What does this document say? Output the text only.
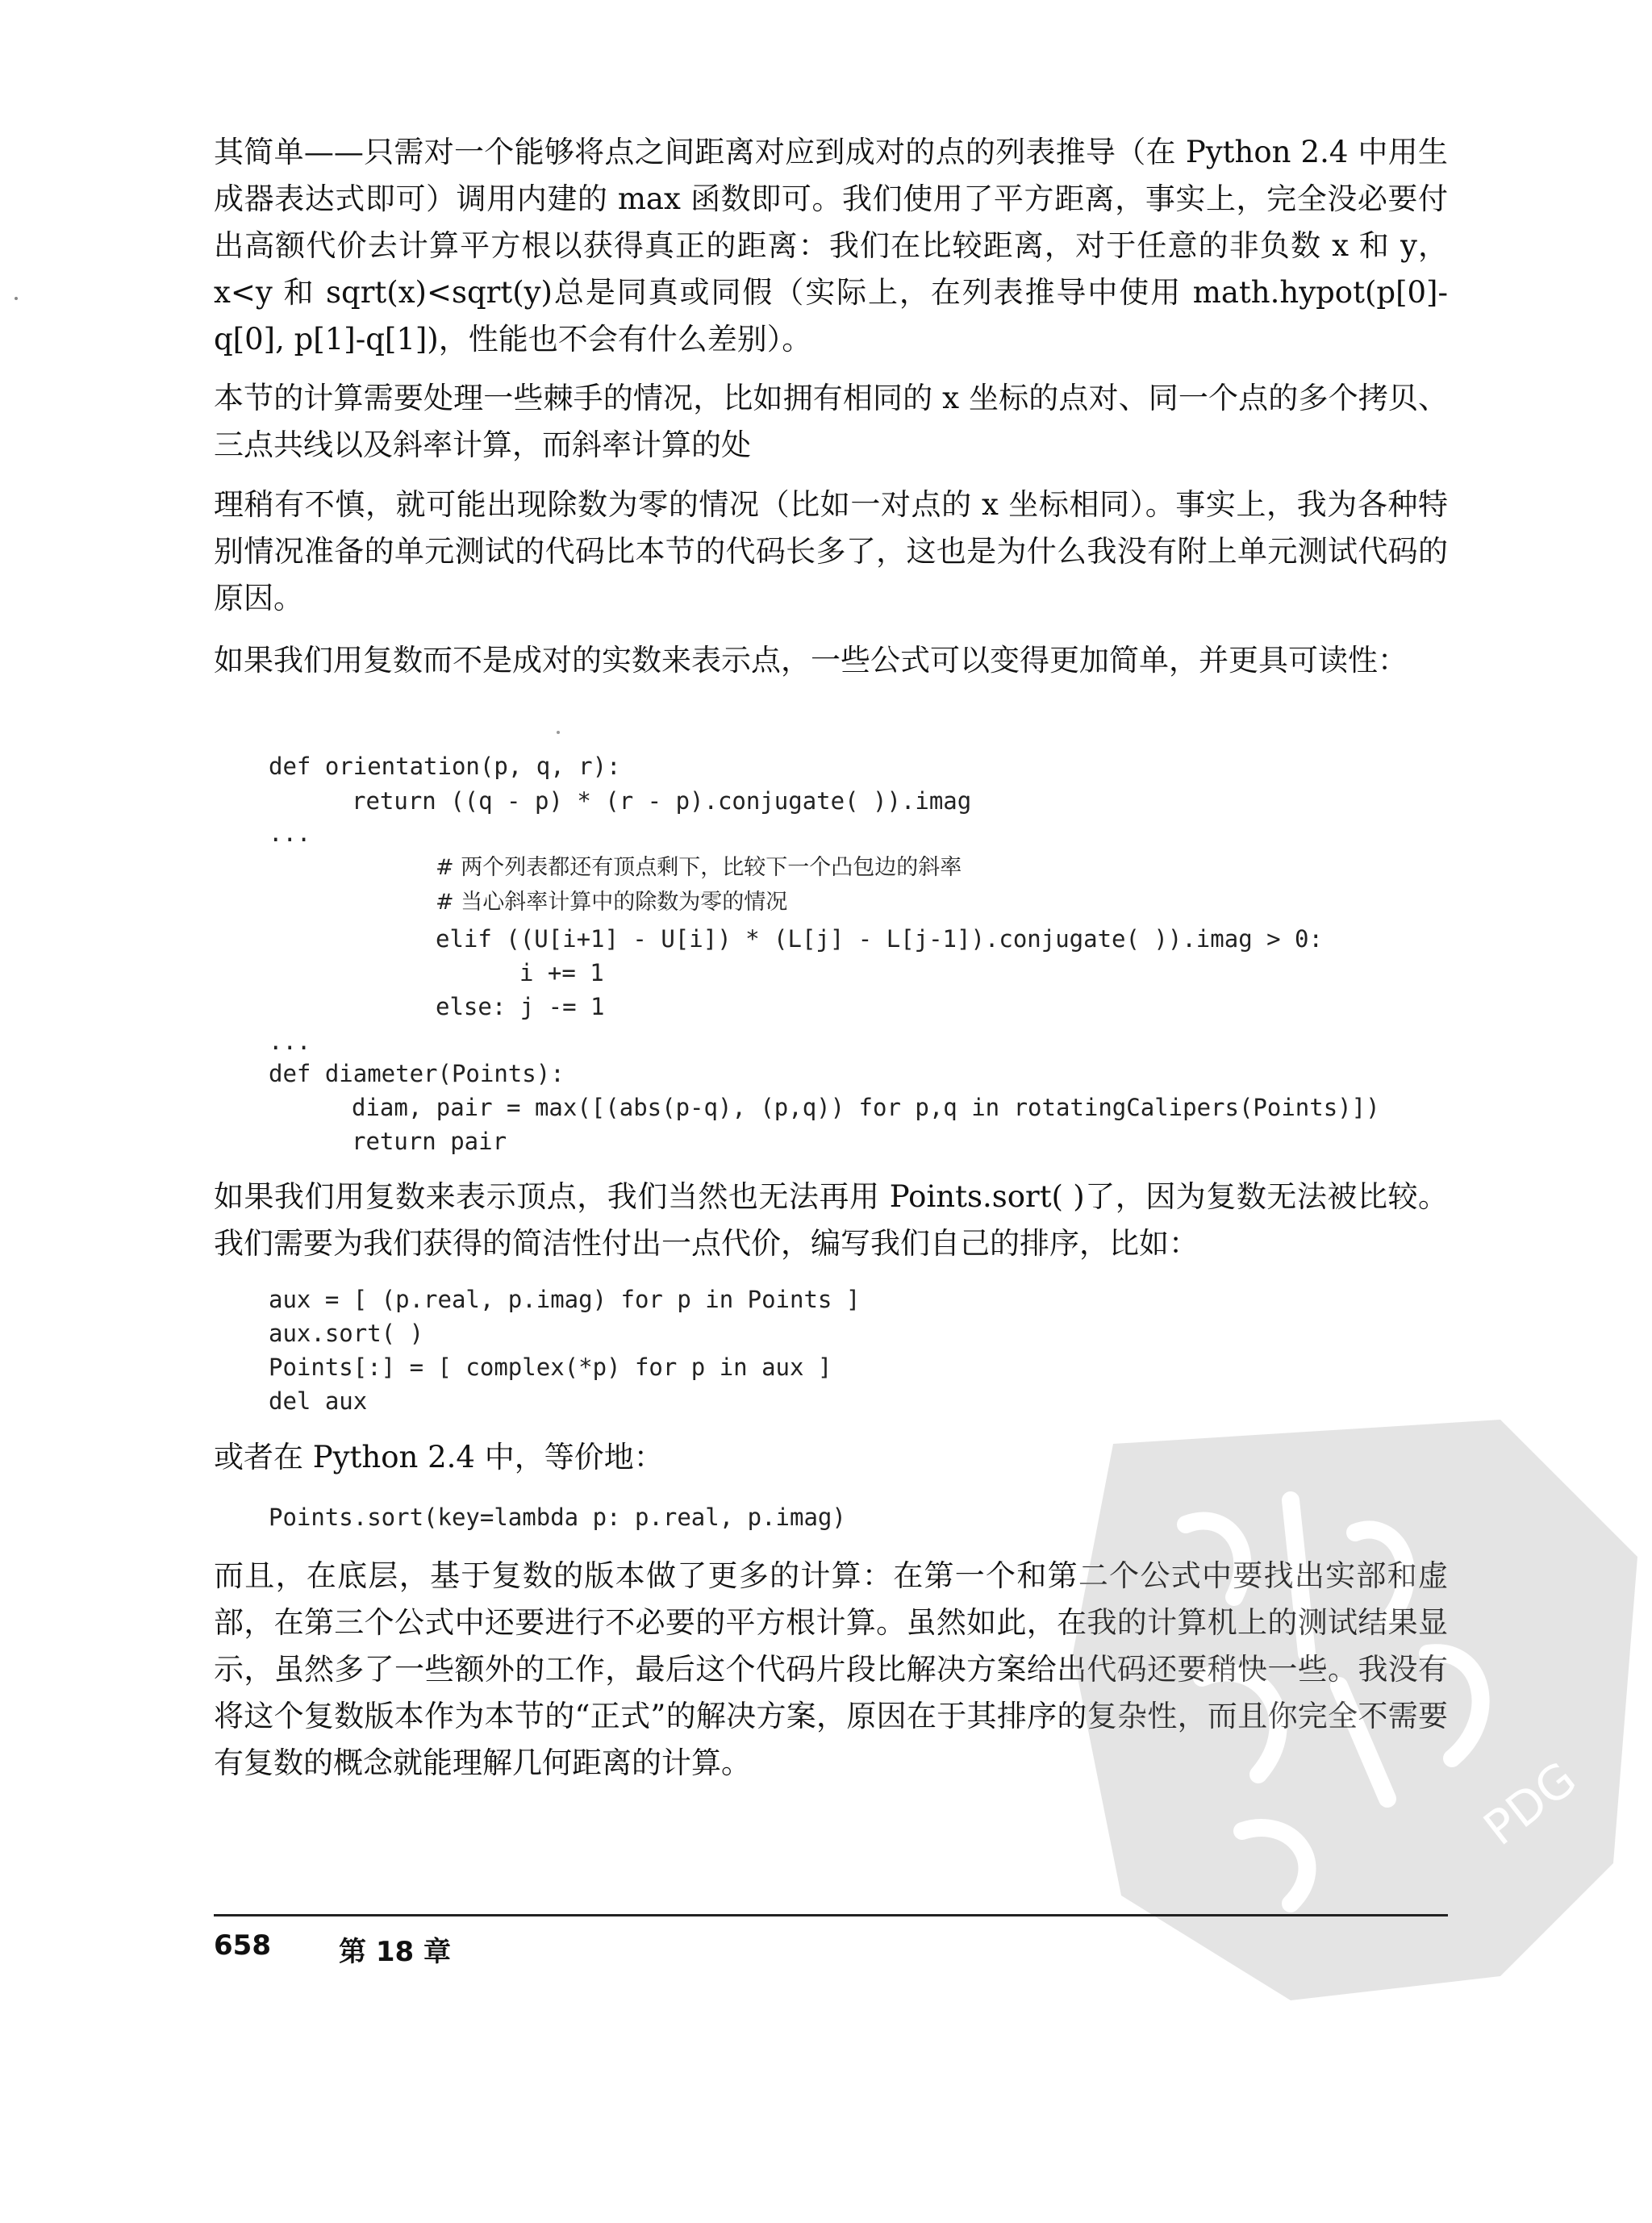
其简单——只需对一个能够将点之间距离对应到成对的点的列表推导（在 Python 2.4 中用生成器表达式即可）调用内建的 max 函数即可。我们使用了平方距离，事实上，完全没必要付出高额代价去计算平方根以获得真正的距离：我们在比较距离，对于任意的非负数 x 和 y，x<y 和 sqrt(x)<sqrt(y)总是同真或同假（实际上，在列表推导中使用 math.hypot(p[0]-q[0], p[1]-q[1])，性能也不会有什么差别）。

本节的计算需要处理一些棘手的情况，比如拥有相同的 x 坐标的点对、同一个点的多个拷贝、三点共线以及斜率计算，而斜率计算的处

理稍有不慎，就可能出现除数为零的情况（比如一对点的 x 坐标相同）。事实上，我为各种特别情况准备的单元测试的代码比本节的代码长多了，这也是为什么我没有附上单元测试代码的原因。

如果我们用复数而不是成对的实数来表示点，一些公式可以变得更加简单，并更具可读性：

def orientation(p, q, r):
return ((q - p) * (r - p).conjugate( )).imag
...
# 两个列表都还有顶点剩下，比较下一个凸包边的斜率
# 当心斜率计算中的除数为零的情况
elif ((U[i+1] - U[i]) * (L[j] - L[j-1]).conjugate( )).imag > 0:
i += 1
else: j -= 1
...
def diameter(Points):
diam, pair = max([(abs(p-q), (p,q)) for p,q in rotatingCalipers(Points)])
return pair

如果我们用复数来表示顶点，我们当然也无法再用 Points.sort( )了，因为复数无法被比较。我们需要为我们获得的简洁性付出一点代价，编写我们自己的排序，比如：

aux = [ (p.real, p.imag) for p in Points ]
aux.sort( )
Points[:] = [ complex(*p) for p in aux ]
del aux

或者在 Python 2.4 中，等价地：

Points.sort(key=lambda p: p.real, p.imag)

而且，在底层，基于复数的版本做了更多的计算：在第一个和第二个公式中要找出实部和虚部，在第三个公式中还要进行不必要的平方根计算。虽然如此，在我的计算机上的测试结果显示，虽然多了一些额外的工作，最后这个代码片段比解决方案给出代码还要稍快一些。我没有将这个复数版本作为本节的“正式”的解决方案，原因在于其排序的复杂性，而且你完全不需要有复数的概念就能理解几何距离的计算。	PDG
658 第 18 章
